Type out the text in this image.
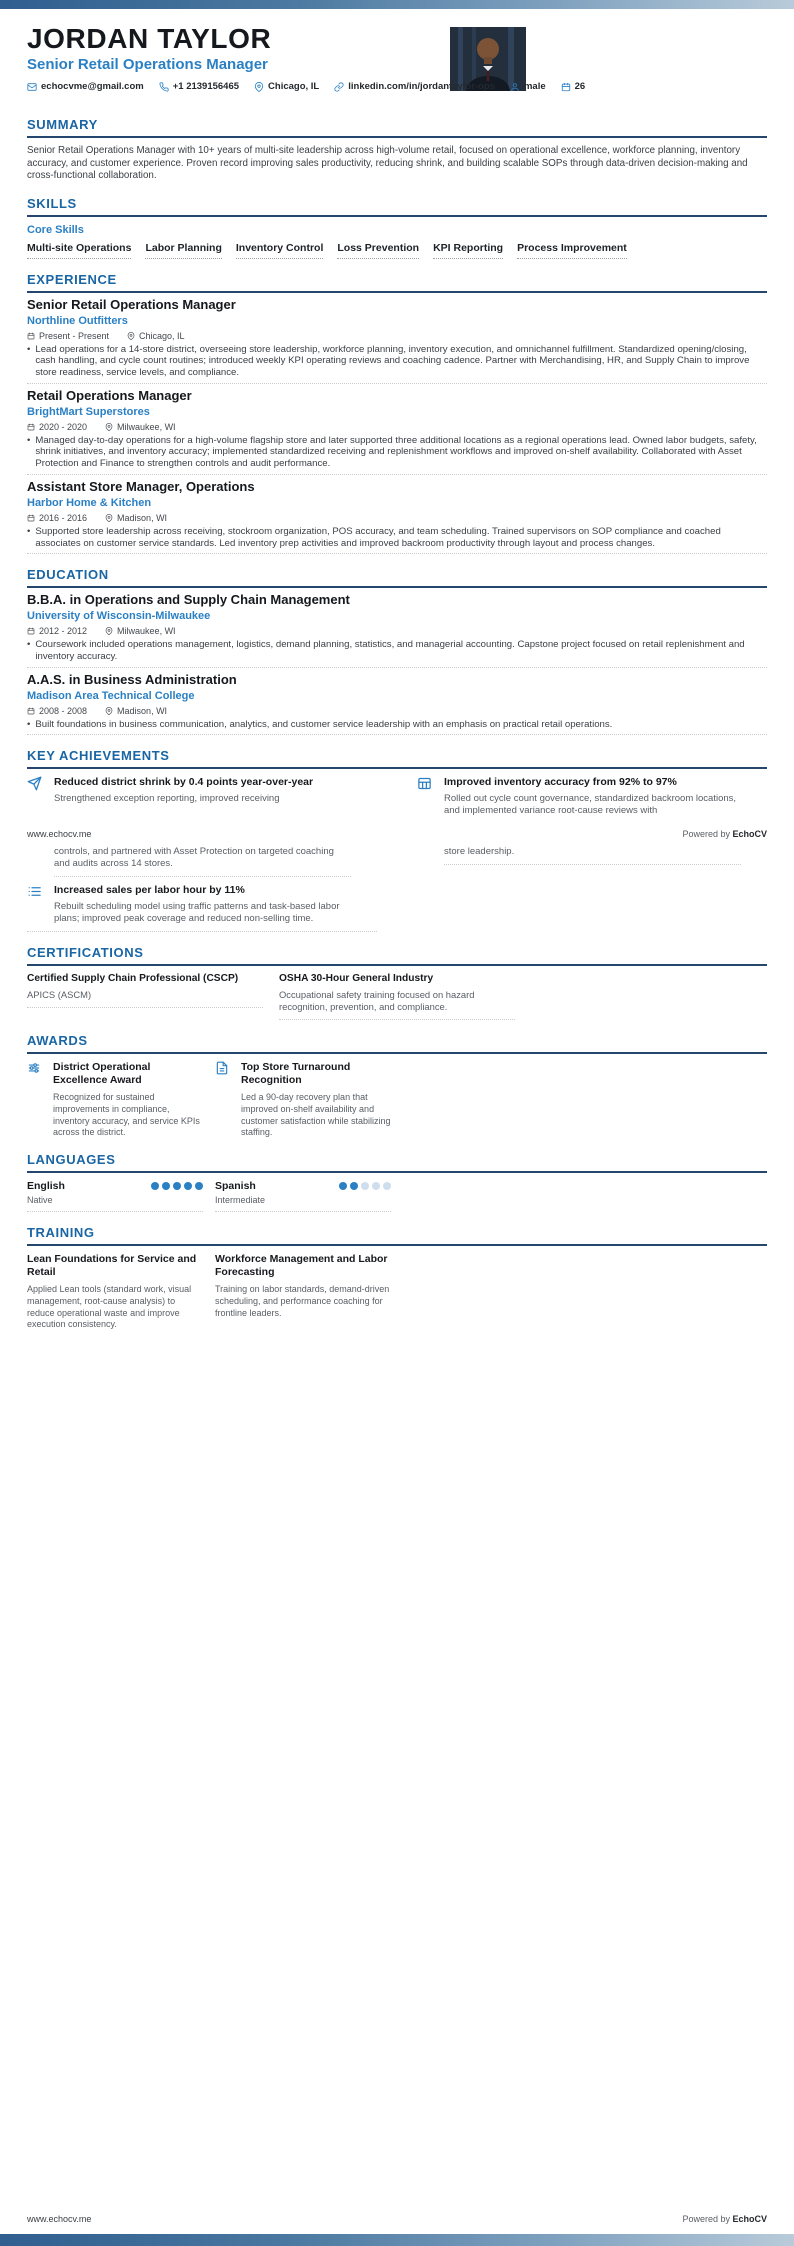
JORDAN TAYLOR
Senior Retail Operations Manager
echocvme@gmail.com	+1 2139156465	Chicago, IL	linkedin.com/in/jordantaylor-ops	male	26
SUMMARY

Senior Retail Operations Manager with 10+ years of multi-site leadership across high-volume retail, focused on operational excellence, workforce planning, inventory accuracy, and customer experience. Proven record improving sales productivity, reducing shrink, and building scalable SOPs through data-driven decision-making and cross-functional collaboration.

SKILLS
Core Skills
Multi-site Operations Labor Planning Inventory Control Loss Prevention KPI Reporting Process Improvement
EXPERIENCE
Senior Retail Operations Manager
Northline Outfitters
Present - Present	Chicago, IL
• Lead operations for a 14-store district, overseeing store leadership, workforce planning, inventory execution, and omnichannel fulfillment. Standardized opening/closing, cash handling, and cycle count routines; introduced weekly KPI operating reviews and coaching cadence. Partner with Merchandising, HR, and Supply Chain to improve store readiness, service levels, and compliance.
Retail Operations Manager
BrightMart Superstores
2020 - 2020	Milwaukee, WI
• Managed day-to-day operations for a high-volume flagship store and later supported three additional locations as a regional operations lead. Owned labor budgets, safety, shrink initiatives, and inventory accuracy; implemented standardized receiving and replenishment workflows and improved on-shelf availability. Collaborated with Asset Protection and Finance to strengthen controls and audit performance.
Assistant Store Manager, Operations
Harbor Home & Kitchen
2016 - 2016	Madison, WI
• Supported store leadership across receiving, stockroom organization, POS accuracy, and team scheduling. Trained supervisors on SOP compliance and coached associates on customer service standards. Led inventory prep activities and improved backroom productivity through layout and process changes.
EDUCATION
B.B.A. in Operations and Supply Chain Management
University of Wisconsin-Milwaukee
2012 - 2012	Milwaukee, WI
• Coursework included operations management, logistics, demand planning, statistics, and managerial accounting. Capstone project focused on retail replenishment and inventory accuracy.
A.A.S. in Business Administration
Madison Area Technical College
2008 - 2008	Madison, WI
• Built foundations in business communication, analytics, and customer service leadership with an emphasis on practical retail operations.
KEY ACHIEVEMENTS
Reduced district shrink by 0.4 points year-over-year
Strengthened exception reporting, improved receiving
Improved inventory accuracy from 92% to 97%
Rolled out cycle count governance, standardized backroom locations, and implemented variance root-cause reviews with
www.echocv.me	Powered by EchoCV
controls, and partnered with Asset Protection on targeted coaching and audits across 14 stores.
store leadership.
Increased sales per labor hour by 11%
Rebuilt scheduling model using traffic patterns and task-based labor plans; improved peak coverage and reduced non-selling time.
CERTIFICATIONS
Certified Supply Chain Professional (CSCP)
APICS (ASCM)
OSHA 30-Hour General Industry
Occupational safety training focused on hazard recognition, prevention, and compliance.
AWARDS
District Operational Excellence Award
Recognized for sustained improvements in compliance, inventory accuracy, and service KPIs across the district.
Top Store Turnaround Recognition
Led a 90-day recovery plan that improved on-shelf availability and customer satisfaction while stabilizing staffing.
LANGUAGES
English
Native
Spanish
Intermediate
TRAINING
Lean Foundations for Service and Retail
Applied Lean tools (standard work, visual management, root-cause analysis) to reduce operational waste and improve execution consistency.
Workforce Management and Labor Forecasting
Training on labor standards, demand-driven scheduling, and performance coaching for frontline leaders.
www.echocv.me	Powered by EchoCV
